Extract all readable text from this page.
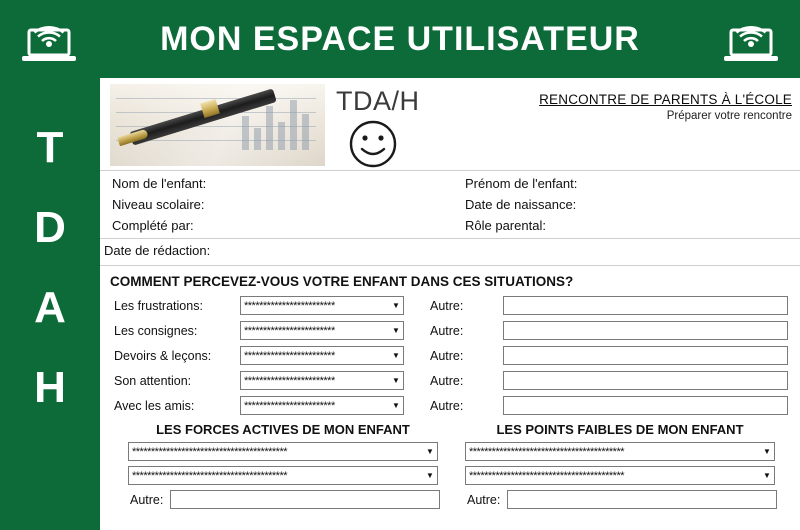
MON ESPACE UTILISATEUR
T
D
A
H
TDA/H	RENCONTRE DE PARENTS À L'ÉCOLE
Préparer votre rencontre
Nom de l'enfant:
Niveau scolaire:
Complété par:
Prénom de l'enfant:
Date de naissance:
Rôle parental:
Date de rédaction:
COMMENT PERCEVEZ-VOUS VOTRE ENFANT DANS CES SITUATIONS?
Les frustrations:	************************	▼ Autre:
Les consignes:	************************	▼ Autre:
Devoirs & leçons:	************************	▼ Autre:
Son attention:	************************	▼ Autre:
Avec les amis:	************************	▼ Autre:
LES FORCES ACTIVES DE MON ENFANT
*****************************************	▼
*****************************************	▼
Autre:
LES POINTS FAIBLES DE MON ENFANT
*****************************************	▼
*****************************************	▼
Autre:
